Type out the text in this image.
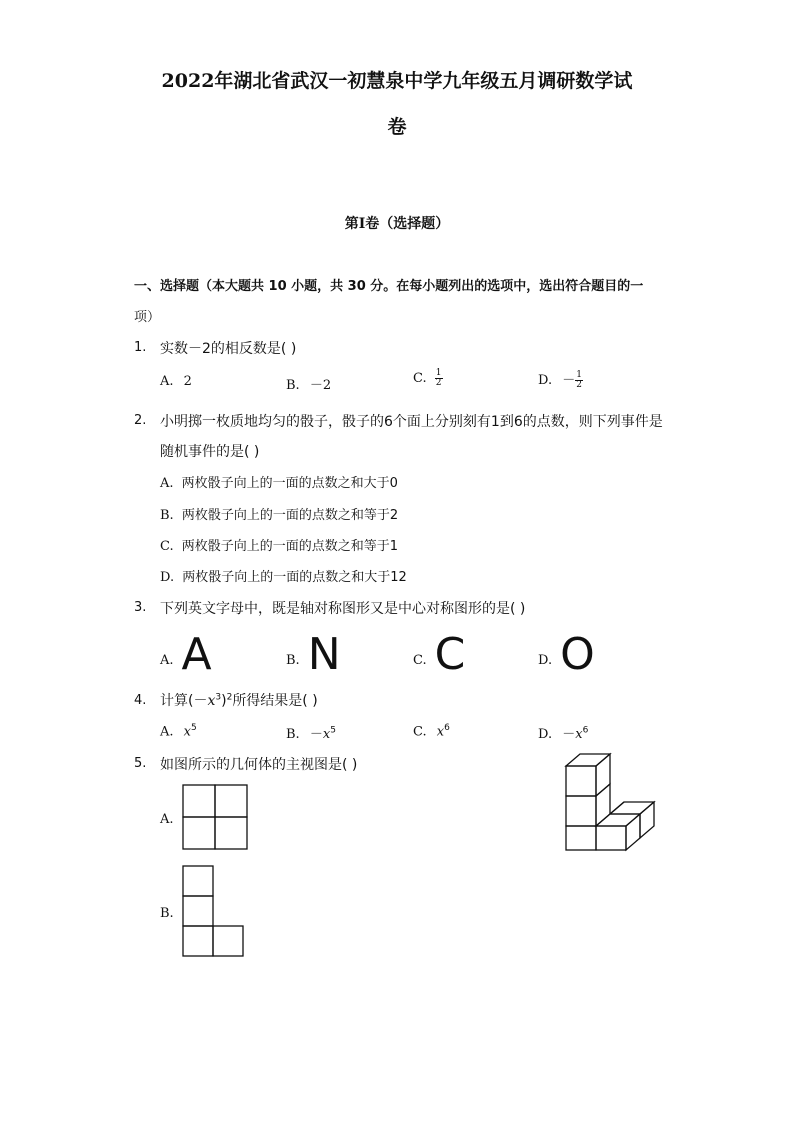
2022年湖北省武汉一初慧泉中学九年级五月调研数学试
卷
第Ⅰ卷（选择题）
一、选择题（本大题共 10 小题，共 30 分。在每小题列出的选项中，选出符合题目的一
项）
1. 实数－2的相反数是( )
A. 2	B. －2	C. $\frac{1}{2}$	D. － $\frac{1}{2}$
2. 小明掷一枚质地均匀的骰子，骰子的6个面上分别刻有1到6的点数，则下列事件是
随机事件的是( )
A. 两枚骰子向上的一面的点数之和大于0
B. 两枚骰子向上的一面的点数之和等于2
C. 两枚骰子向上的一面的点数之和等于1
D. 两枚骰子向上的一面的点数之和大于12
3. 下列英文字母中，既是轴对称图形又是中心对称图形的是( )
A. A	B. N	C. C	D. O
4. 计算$(-x^3)^2$所得结果是( )
A. $x^5$	B. $-x^5$	C. $x^6$	D. $-x^6$
5. 如图所示的几何体的主视图是( )
A.
B.
